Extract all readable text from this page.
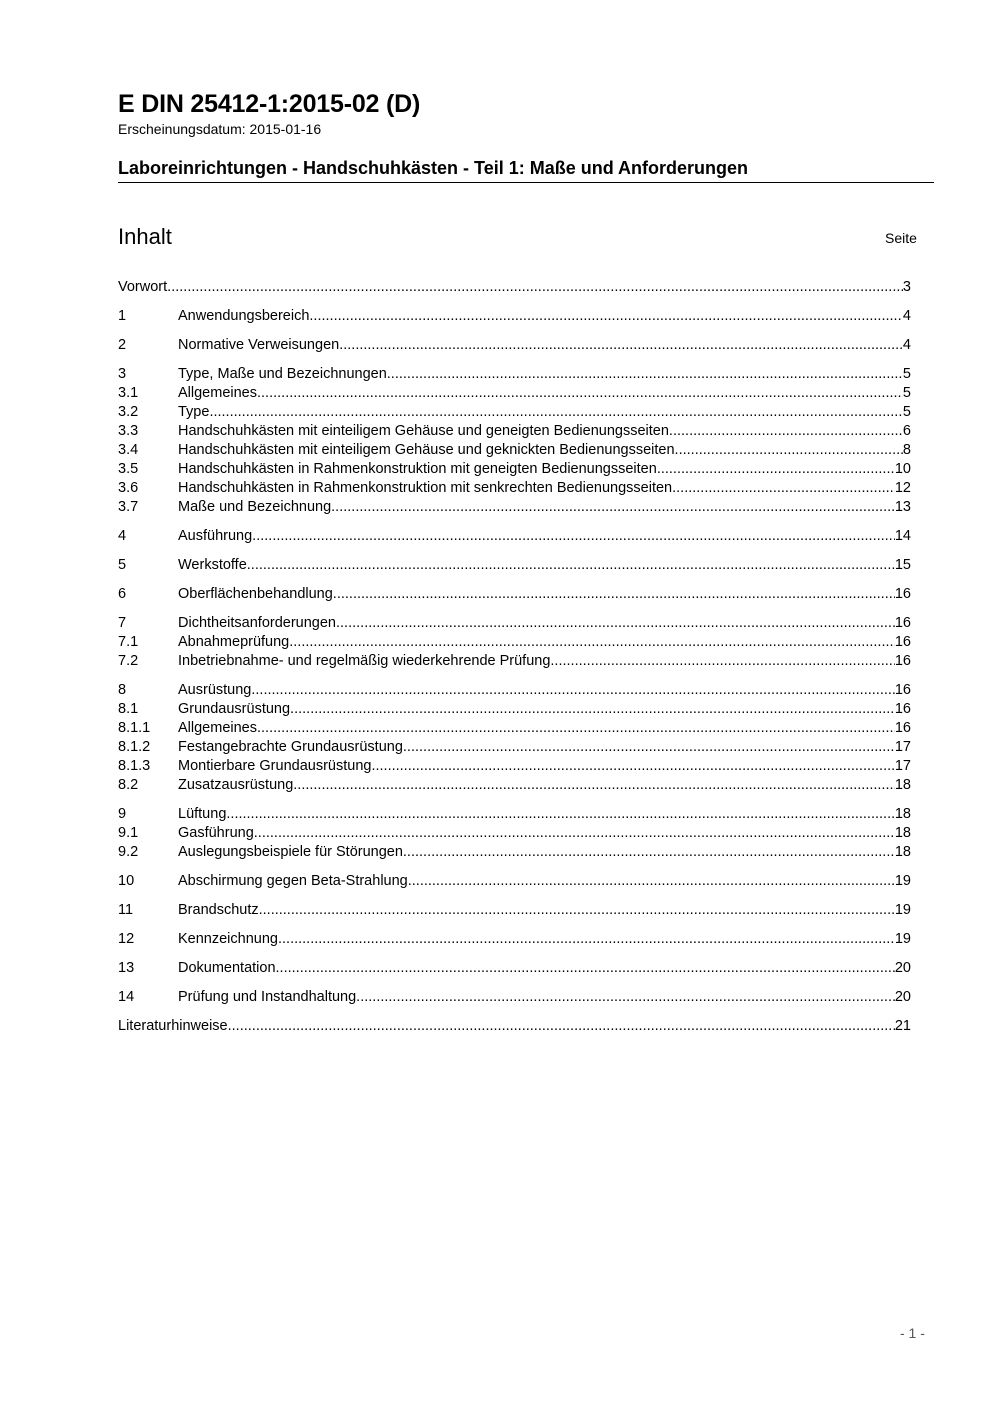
E DIN 25412-1:2015-02 (D)
Erscheinungsdatum: 2015-01-16
Laboreinrichtungen - Handschuhkästen - Teil 1: Maße und Anforderungen
Inhalt	Seite
Vorwort .....	3
1	Anwendungsbereich .....	4
2	Normative Verweisungen .....	4
3	Type, Maße und Bezeichnungen .....	5
3.1	Allgemeines .....	5
3.2	Type .....	5
3.3	Handschuhkästen mit einteiligem Gehäuse und geneigten Bedienungsseiten .....	6
3.4	Handschuhkästen mit einteiligem Gehäuse und geknickten Bedienungsseiten .....	8
3.5	Handschuhkästen in Rahmenkonstruktion mit geneigten Bedienungsseiten .....	10
3.6	Handschuhkästen in Rahmenkonstruktion mit senkrechten Bedienungsseiten .....	12
3.7	Maße und Bezeichnung .....	13
4	Ausführung .....	14
5	Werkstoffe .....	15
6	Oberflächenbehandlung .....	16
7	Dichtheitsanforderungen .....	16
7.1	Abnahmeprüfung .....	16
7.2	Inbetriebnahme- und regelmäßig wiederkehrende Prüfung .....	16
8	Ausrüstung .....	16
8.1	Grundausrüstung .....	16
8.1.1	Allgemeines .....	16
8.1.2	Festangebrachte Grundausrüstung .....	17
8.1.3	Montierbare Grundausrüstung .....	17
8.2	Zusatzausrüstung .....	18
9	Lüftung .....	18
9.1	Gasführung .....	18
9.2	Auslegungsbeispiele für Störungen .....	18
10	Abschirmung gegen Beta-Strahlung .....	19
11	Brandschutz .....	19
12	Kennzeichnung .....	19
13	Dokumentation .....	20
14	Prüfung und Instandhaltung .....	20
Literaturhinweise .....	21
- 1 -
